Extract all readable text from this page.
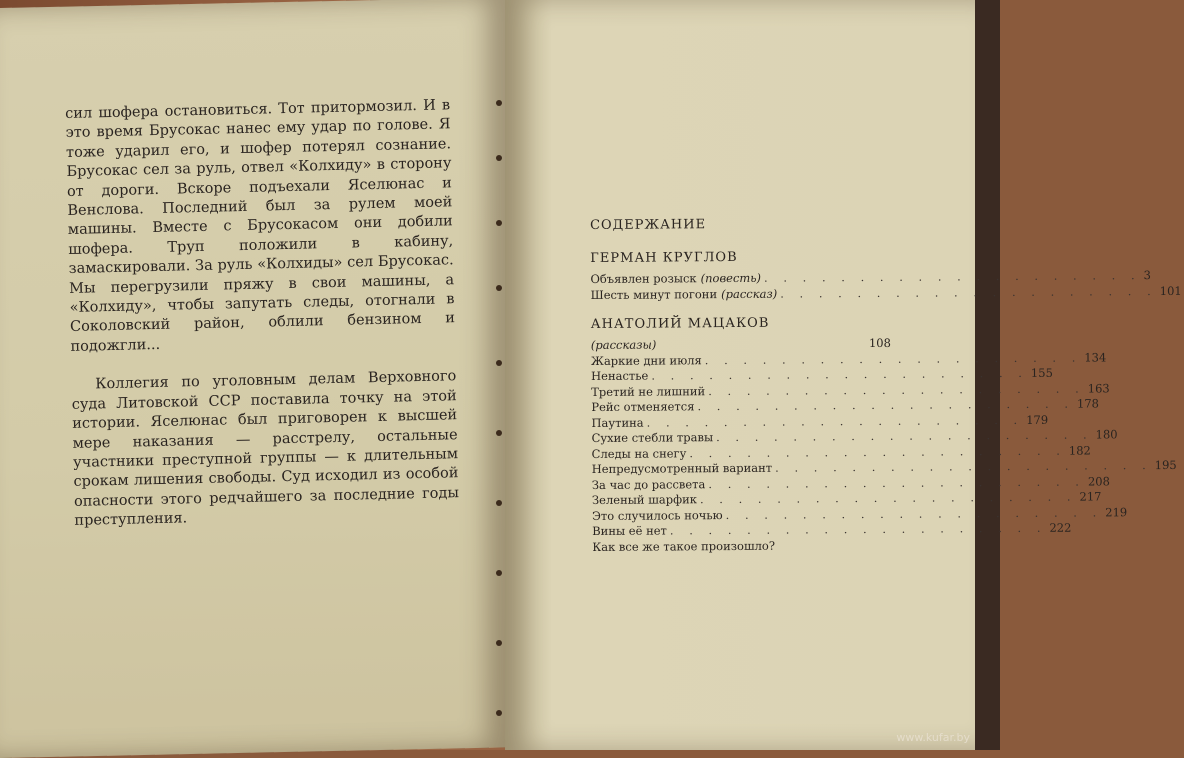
сил шофера остановиться. Тот притормозил. И в это время Брусокас нанес ему удар по голове. Я тоже ударил его, и шофер потерял сознание. Брусокас сел за руль, отвел «Колхиду» в сторону от дороги. Вскоре подъехали Яселюнас и Венслова. Последний был за рулем моей машины. Вместе с Брусокасом они добили шофера. Труп положили в кабину, замаскировали. За руль «Колхиды» сел Брусокас. Мы перегрузили пряжу в свои машины, а «Колхиду», чтобы запутать следы, отогнали в Соколовский район, облили бензином и подожгли...

Коллегия по уголовным делам Верховного суда Литовской ССР поставила точку на этой истории. Яселюнас был приговорен к высшей мере наказания — расстрелу, остальные участники преступной группы — к длительным срокам лишения свободы. Суд исходил из особой опасности этого редчайшего за последние годы преступления.

СОДЕРЖАНИЕ
ГЕРМАН КРУГЛОВ
Объявлен розыск (повесть) . . . . . . . . . . . . . . . . . . . . 3
Шесть минут погони (рассказ) . . . . . . . . . . . . . . . . . . . . 101
АНАТОЛИЙ МАЦАКОВ
(рассказы)	108
Жаркие дни июля . . . . . . . . . . . . . . . . . . . . 134
Ненастье . . . . . . . . . . . . . . . . . . . . 155
Третий не лишний . . . . . . . . . . . . . . . . . . . . 163
Рейс отменяется . . . . . . . . . . . . . . . . . . . . 178
Паутина . . . . . . . . . . . . . . . . . . . . 179
Сухие стебли травы . . . . . . . . . . . . . . . . . . . . 180
Следы на снегу . . . . . . . . . . . . . . . . . . . . 182
Непредусмотренный вариант . . . . . . . . . . . . . . . . . . . . 195
За час до рассвета . . . . . . . . . . . . . . . . . . . . 208
Зеленый шарфик . . . . . . . . . . . . . . . . . . . . 217
Это случилось ночью . . . . . . . . . . . . . . . . . . . . 219
Вины её нет . . . . . . . . . . . . . . . . . . . . 222
Как все же такое произошло?
www.kufar.by
